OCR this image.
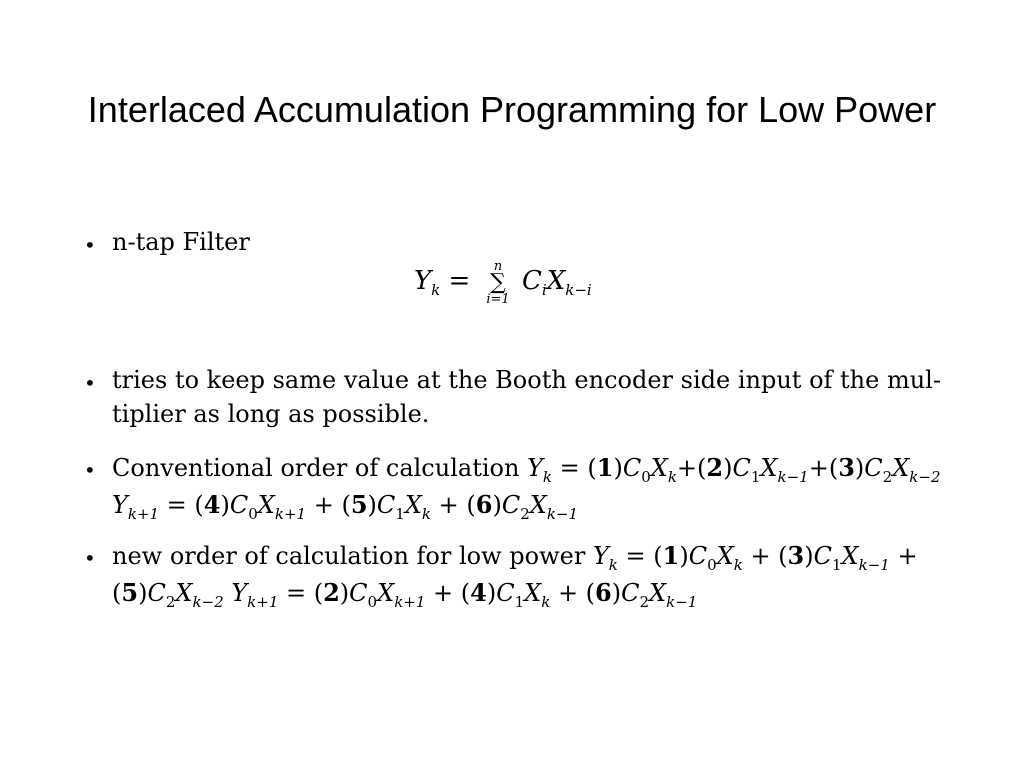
Interlaced Accumulation Programming for Low Power
• n-tap Filter
$Y_k$ =	n
∑
i=1
$C_iX_{k-i}$
• tries to keep same value at the Booth encoder side input of the mul-
tiplier as long as possible.
• Conventional order of calculation $Y_k = (1)C_0X_k+(2)C_1X_{k-1}+(3)C_2X_{k-2}$
$Y_{k+1} = (4)C_0X_{k+1} + (5)C_1X_k + (6)C_2X_{k-1}$
• new order of calculation for low power $Y_k = (1)C_0X_k + (3)C_1X_{k-1}$ +
$(5)C_2X_{k-2}$ $Y_{k+1} = (2)C_0X_{k+1} + (4)C_1X_k + (6)C_2X_{k-1}$
